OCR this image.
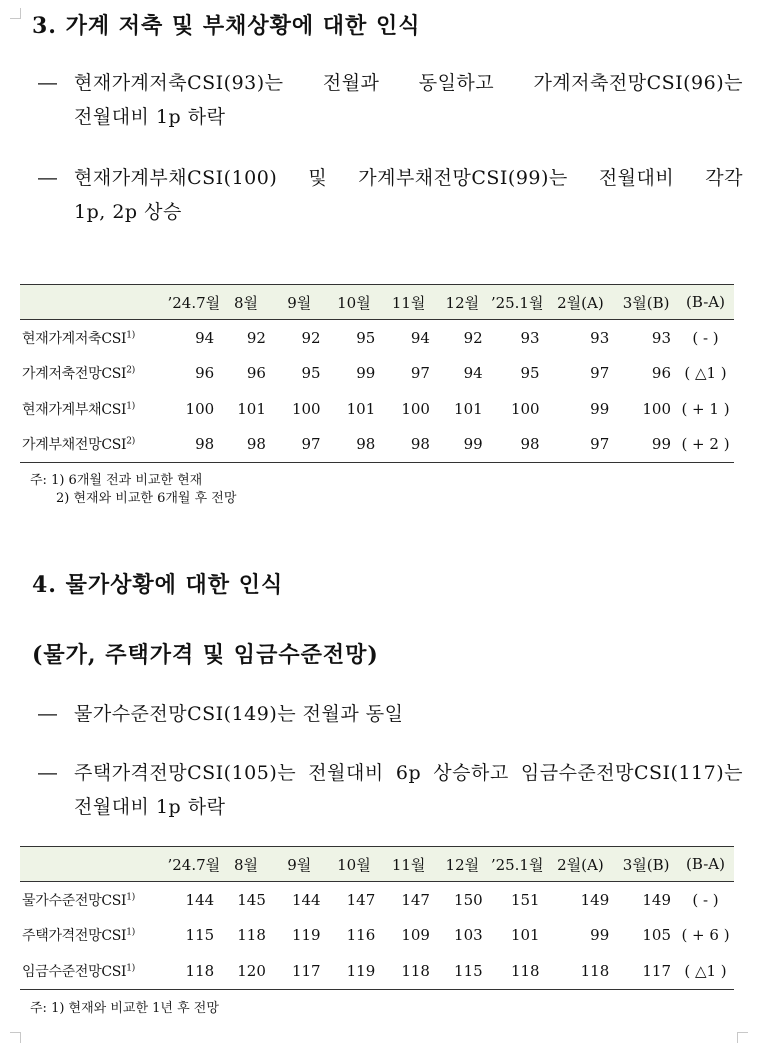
3. 가계 저축 및 부채상황에 대한 인식

― 현재가계저축CSI(93)는 전월과 동일하고 가계저축전망CSI(96)는
전월대비 1p 하락

― 현재가계부채CSI(100) 및 가계부채전망CSI(99)는 전월대비 각각
1p, 2p 상승

	’24.7월	8월	9월	10월	11월	12월	’25.1월	2월(A)	3월(B)	(B-A)
현재가계저축CSI$^{1)}$	94	92	92	95	94	92	93	93	93	( - )
가계저축전망CSI$^{2)}$	96	96	95	99	97	94	95	97	96	( △1 )
현재가계부채CSI$^{1)}$	100	101	100	101	100	101	100	99	100	( + 1 )
가계부채전망CSI$^{2)}$	98	98	97	98	98	99	98	97	99	( + 2 )

주: 1) 6개월 전과 비교한 현재
2) 현재와 비교한 6개월 후 전망

4. 물가상황에 대한 인식
(물가, 주택가격 및 임금수준전망)

― 물가수준전망CSI(149)는 전월과 동일

― 주택가격전망CSI(105)는 전월대비 6p 상승하고 임금수준전망CSI(117)는
전월대비 1p 하락

	’24.7월	8월	9월	10월	11월	12월	’25.1월	2월(A)	3월(B)	(B-A)
물가수준전망CSI$^{1)}$	144	145	144	147	147	150	151	149	149	( - )
주택가격전망CSI$^{1)}$	115	118	119	116	109	103	101	99	105	( + 6 )
임금수준전망CSI$^{1)}$	118	120	117	119	118	115	118	118	117	( △1 )

주: 1) 현재와 비교한 1년 후 전망
